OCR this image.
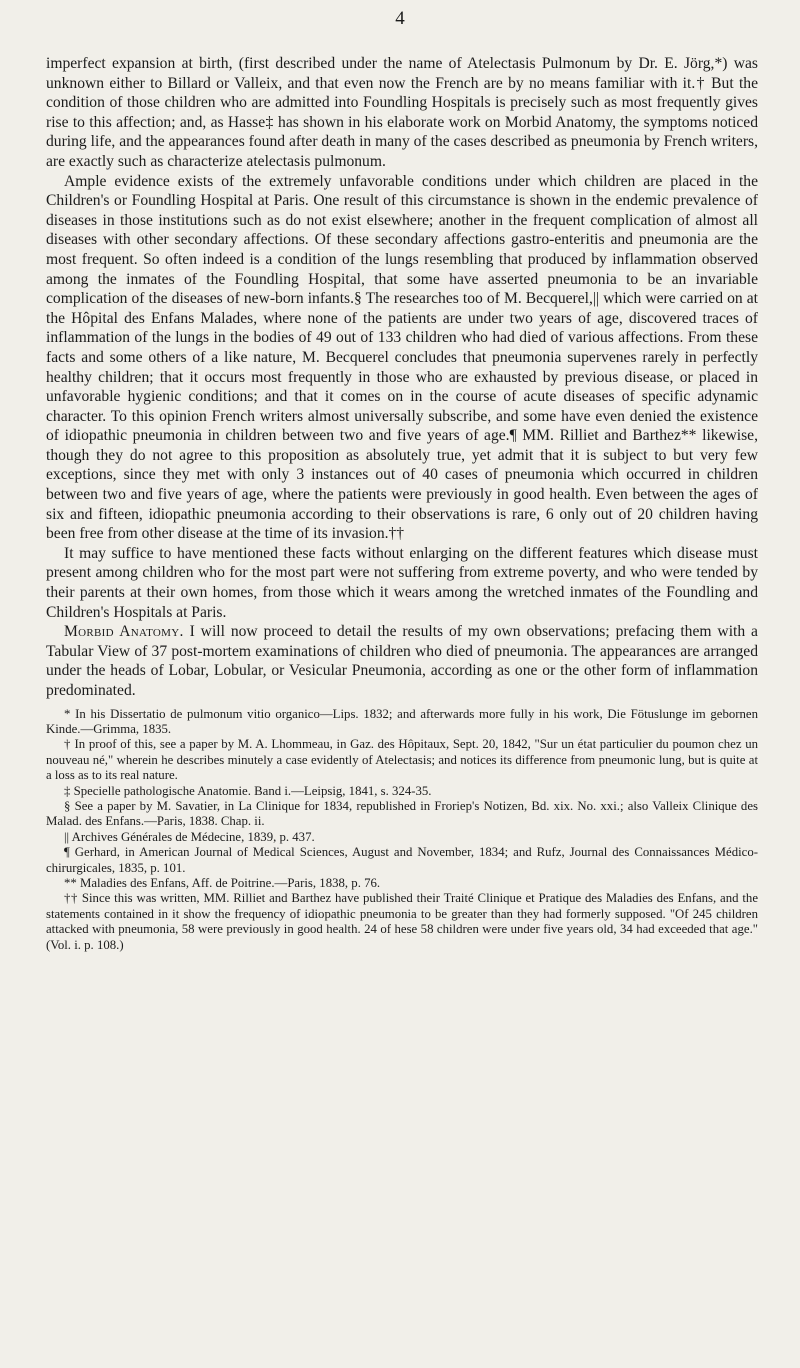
4

imperfect expansion at birth, (first described under the name of Atelectasis Pulmonum by Dr. E. Jörg,*) was unknown either to Billard or Valleix, and that even now the French are by no means familiar with it.† But the condition of those children who are admitted into Foundling Hospitals is precisely such as most frequently gives rise to this affection; and, as Hasse‡ has shown in his elaborate work on Morbid Anatomy, the symptoms noticed during life, and the appearances found after death in many of the cases described as pneumonia by French writers, are exactly such as characterize atelectasis pulmonum.

Ample evidence exists of the extremely unfavorable conditions under which children are placed in the Children's or Foundling Hospital at Paris. One result of this circumstance is shown in the endemic prevalence of diseases in those institutions such as do not exist elsewhere; another in the frequent complication of almost all diseases with other secondary affections. Of these secondary affections gastro-enteritis and pneumonia are the most frequent. So often indeed is a condition of the lungs resembling that produced by inflammation observed among the inmates of the Foundling Hospital, that some have asserted pneumonia to be an invariable complication of the diseases of new-born infants.§ The researches too of M. Becquerel,|| which were carried on at the Hôpital des Enfans Malades, where none of the patients are under two years of age, discovered traces of inflammation of the lungs in the bodies of 49 out of 133 children who had died of various affections. From these facts and some others of a like nature, M. Becquerel concludes that pneumonia supervenes rarely in perfectly healthy children; that it occurs most frequently in those who are exhausted by previous disease, or placed in unfavorable hygienic conditions; and that it comes on in the course of acute diseases of specific adynamic character. To this opinion French writers almost universally subscribe, and some have even denied the existence of idiopathic pneumonia in children between two and five years of age.¶ MM. Rilliet and Barthez** likewise, though they do not agree to this proposition as absolutely true, yet admit that it is subject to but very few exceptions, since they met with only 3 instances out of 40 cases of pneumonia which occurred in children between two and five years of age, where the patients were previously in good health. Even between the ages of six and fifteen, idiopathic pneumonia according to their observations is rare, 6 only out of 20 children having been free from other disease at the time of its invasion.††

It may suffice to have mentioned these facts without enlarging on the different features which disease must present among children who for the most part were not suffering from extreme poverty, and who were tended by their parents at their own homes, from those which it wears among the wretched inmates of the Foundling and Children's Hospitals at Paris.

Morbid Anatomy. I will now proceed to detail the results of my own observations; prefacing them with a Tabular View of 37 post-mortem examinations of children who died of pneumonia. The appearances are arranged under the heads of Lobar, Lobular, or Vesicular Pneumonia, according as one or the other form of inflammation predominated.

* In his Dissertatio de pulmonum vitio organico—Lips. 1832; and afterwards more fully in his work, Die Fötuslunge im gebornen Kinde.—Grimma, 1835.

† In proof of this, see a paper by M. A. Lhommeau, in Gaz. des Hôpitaux, Sept. 20, 1842, "Sur un état particulier du poumon chez un nouveau né," wherein he describes minutely a case evidently of Atelectasis; and notices its difference from pneumonic lung, but is quite at a loss as to its real nature.

‡ Specielle pathologische Anatomie. Band i.—Leipsig, 1841, s. 324-35.

§ See a paper by M. Savatier, in La Clinique for 1834, republished in Froriep's Notizen, Bd. xix. No. xxi.; also Valleix Clinique des Malad. des Enfans.—Paris, 1838. Chap. ii.

|| Archives Générales de Médecine, 1839, p. 437.

¶ Gerhard, in American Journal of Medical Sciences, August and November, 1834; and Rufz, Journal des Connaissances Médico-chirurgicales, 1835, p. 101.

** Maladies des Enfans, Aff. de Poitrine.—Paris, 1838, p. 76.

†† Since this was written, MM. Rilliet and Barthez have published their Traité Clinique et Pratique des Maladies des Enfans, and the statements contained in it show the frequency of idiopathic pneumonia to be greater than they had formerly supposed. "Of 245 children attacked with pneumonia, 58 were previously in good health. 24 of hese 58 children were under five years old, 34 had exceeded that age." (Vol. i. p. 108.)
